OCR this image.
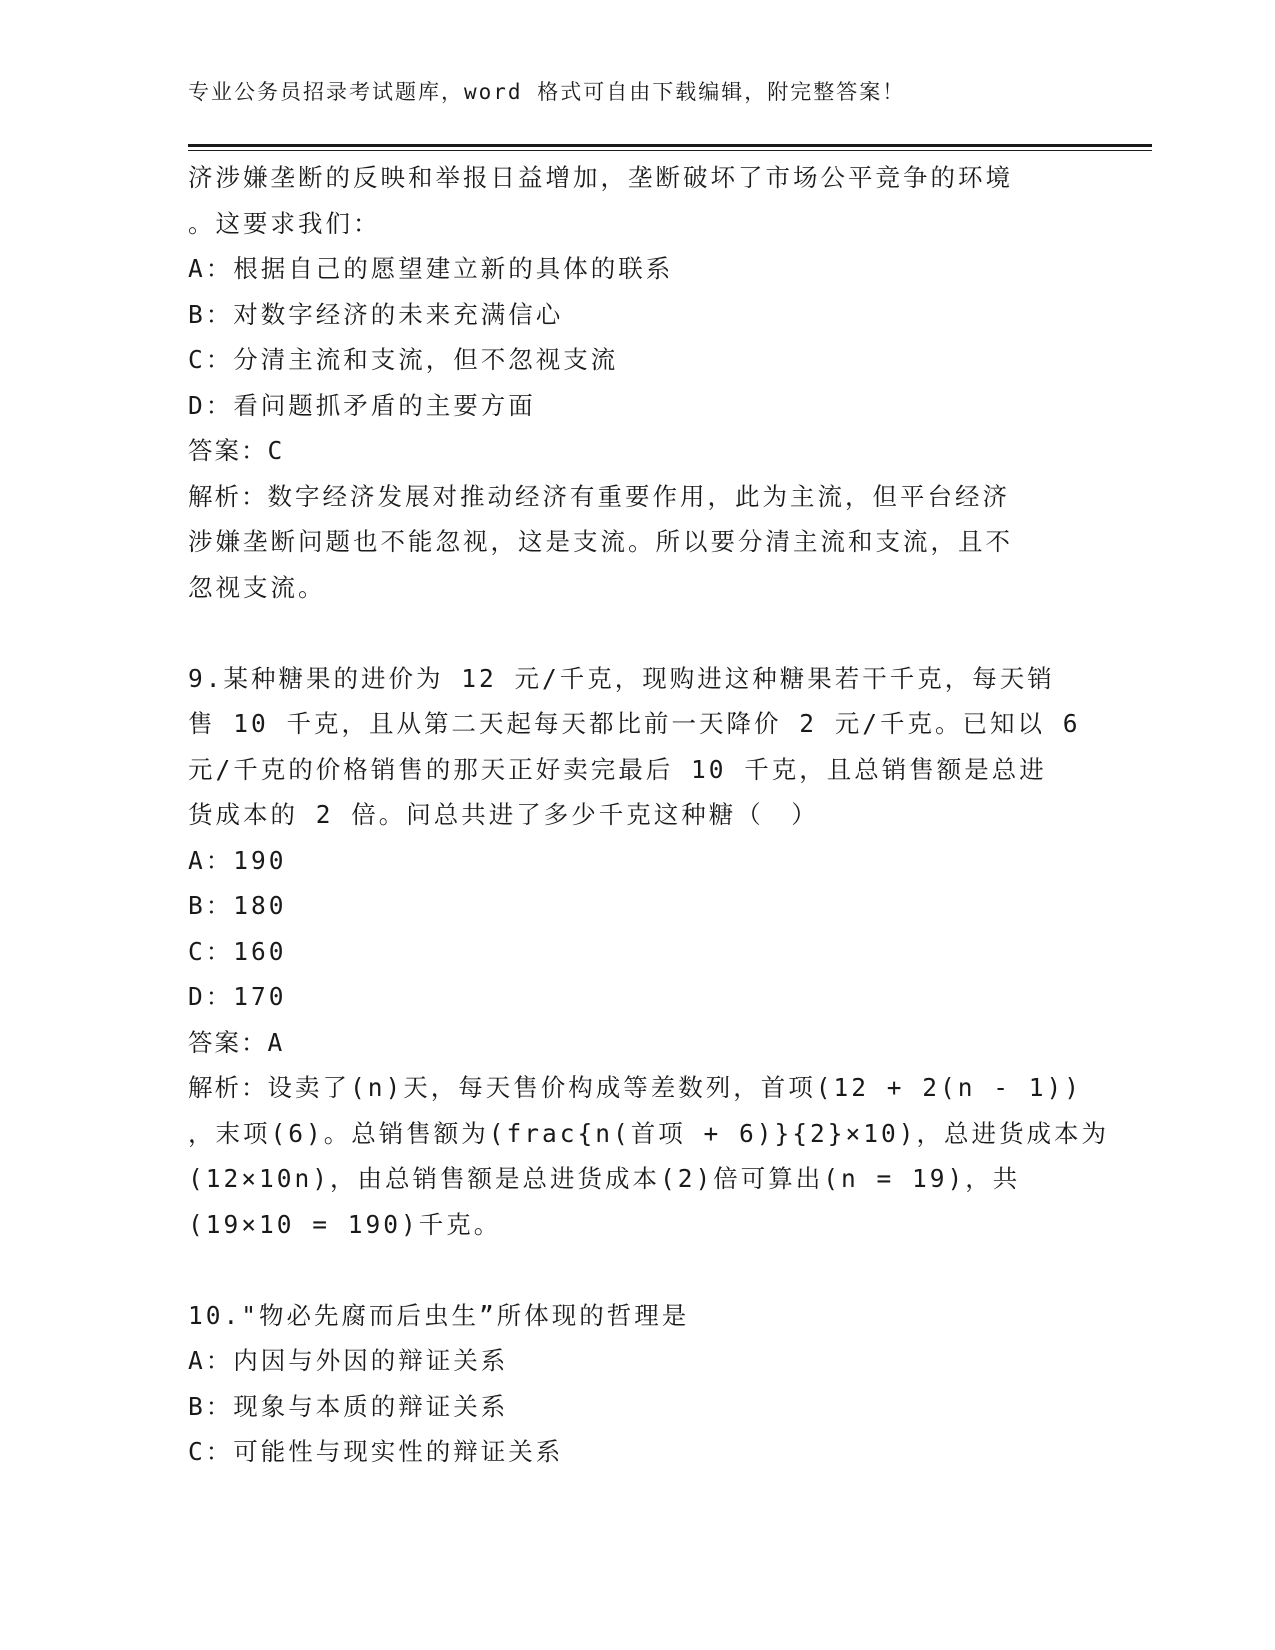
专业公务员招录考试题库，word 格式可自由下载编辑，附完整答案！
济涉嫌垄断的反映和举报日益增加，垄断破坏了市场公平竞争的环境
。这要求我们：
A：根据自己的愿望建立新的具体的联系
B：对数字经济的未来充满信心
C：分清主流和支流，但不忽视支流
D：看问题抓矛盾的主要方面
答案：C
解析：数字经济发展对推动经济有重要作用，此为主流，但平台经济
涉嫌垄断问题也不能忽视，这是支流。所以要分清主流和支流，且不
忽视支流。
9.某种糖果的进价为 12 元/千克，现购进这种糖果若干千克，每天销
售 10 千克，且从第二天起每天都比前一天降价 2 元/千克。已知以 6
元/千克的价格销售的那天正好卖完最后 10 千克，且总销售额是总进
货成本的 2 倍。问总共进了多少千克这种糖（　）
A：190
B：180
C：160
D：170
答案：A
解析：设卖了(n)天，每天售价构成等差数列，首项(12 + 2(n - 1))
，末项(6)。总销售额为(frac{n(首项 + 6)}{2}×10)，总进货成本为
(12×10n)，由总销售额是总进货成本(2)倍可算出(n = 19)，共
(19×10 = 190)千克。
10."物必先腐而后虫生”所体现的哲理是
A：内因与外因的辩证关系
B：现象与本质的辩证关系
C：可能性与现实性的辩证关系
